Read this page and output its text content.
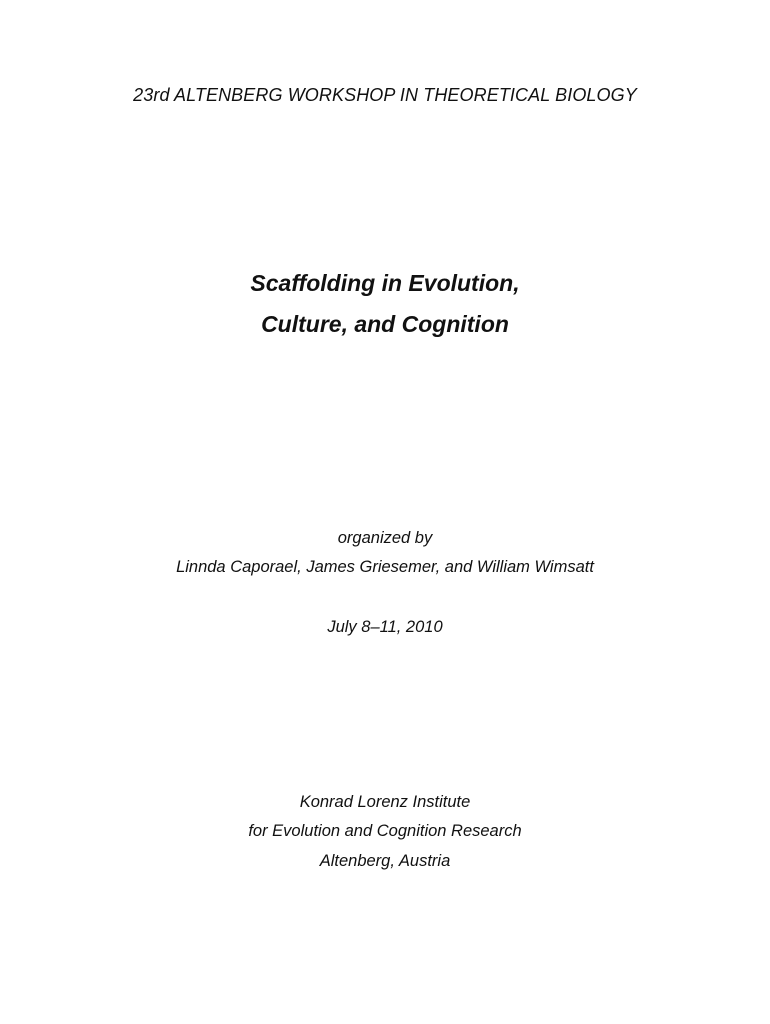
23rd ALTENBERG WORKSHOP IN THEORETICAL BIOLOGY
Scaffolding in Evolution,
Culture, and Cognition
organized by
Linnda Caporael, James Griesemer, and William Wimsatt
July 8–11, 2010
Konrad Lorenz Institute
for Evolution and Cognition Research
Altenberg, Austria
